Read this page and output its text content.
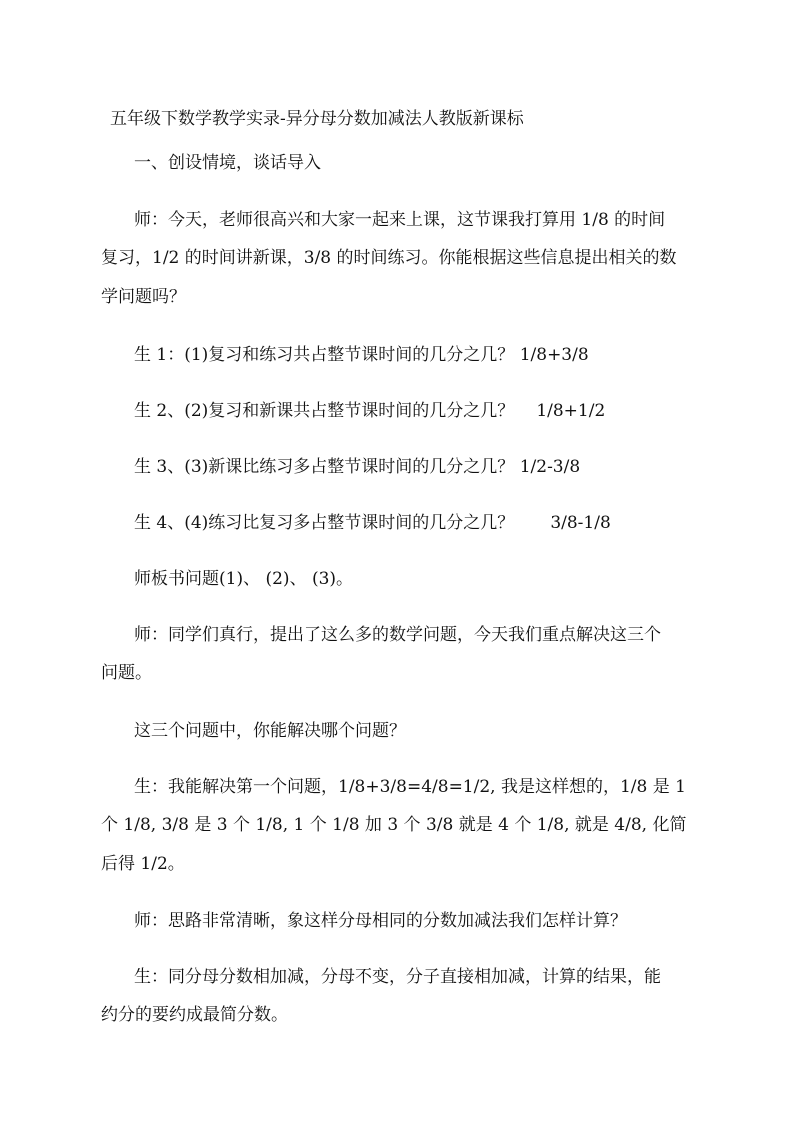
五年级下数学教学实录-异分母分数加减法人教版新课标
一、创设情境，谈话导入
师：今天，老师很高兴和大家一起来上课，这节课我打算用 1/8 的时间
复习，1/2 的时间讲新课，3/8 的时间练习。你能根据这些信息提出相关的数
学问题吗？
生 1：(1)复习和练习共占整节课时间的几分之几？ 1/8+3/8
生 2、(2)复习和新课共占整节课时间的几分之几？ 1/8+1/2
生 3、(3)新课比练习多占整节课时间的几分之几？ 1/2-3/8
生 4、(4)练习比复习多占整节课时间的几分之几？ 3/8-1/8
师板书问题(1)、 (2)、 (3)。
师：同学们真行，提出了这么多的数学问题，今天我们重点解决这三个
问题。
这三个问题中，你能解决哪个问题？
生：我能解决第一个问题，1/8+3/8=4/8=1/2, 我是这样想的，1/8 是 1
个 1/8, 3/8 是 3 个 1/8, 1 个 1/8 加 3 个 3/8 就是 4 个 1/8, 就是 4/8, 化简
后得 1/2。
师：思路非常清晰，象这样分母相同的分数加减法我们怎样计算？
生：同分母分数相加减，分母不变，分子直接相加减，计算的结果，能
约分的要约成最简分数。
